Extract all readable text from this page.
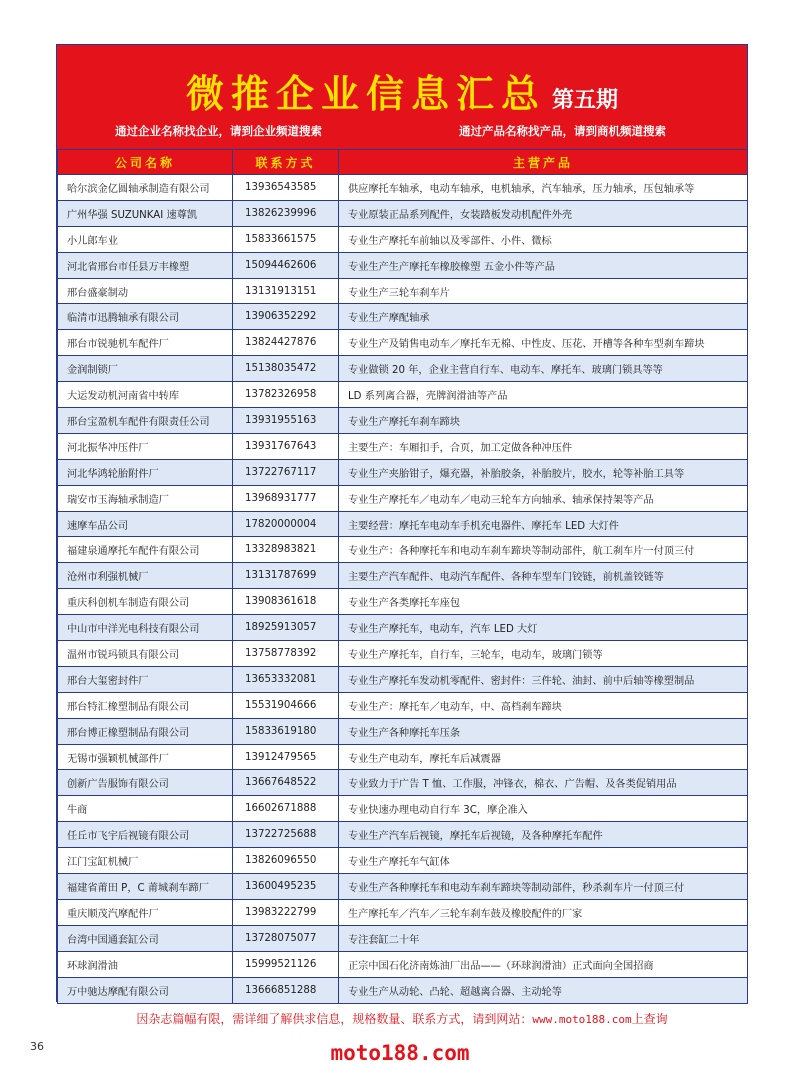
微推企业信息汇总 第五期
通过企业名称找企业，请到企业频道搜索	通过产品名称找产品，请到商机频道搜索
公司名称	联系方式	主营产品
哈尔滨金亿圆轴承制造有限公司	13936543585	供应摩托车轴承，电动车轴承，电机轴承，汽车轴承，压力轴承，压包轴承等
广州华强 SUZUNKAI 速尊凯	13826239996	专业原装正品系列配件，女装踏板发动机配件外壳
小儿郎车业	15833661575	专业生产摩托车前轴以及零部件、小件、微标
河北省邢台市任县万丰橡塑	15094462606	专业生产生产摩托车橡胶橡塑 五金小件等产品
邢台盛豪制动	13131913151	专业生产三轮车刹车片
临清市迅腾轴承有限公司	13906352292	专业生产摩配轴承
邢台市锐驰机车配件厂	13824427876	专业生产及销售电动车／摩托车无棉、中性皮、压花、开槽等各种车型刹车蹄块
金润制锁厂	15138035472	专业做锁 20 年，企业主营自行车、电动车、摩托车、玻璃门锁具等等
大运发动机河南省中转库	13782326958	LD 系列离合器，壳牌润滑油等产品
邢台宝盈机车配件有限责任公司	13931955163	专业生产摩托车刹车蹄块
河北振华冲压件厂	13931767643	主要生产：车厢扣手，合页，加工定做各种冲压件
河北华鸿轮胎附件厂	13722767117	专业生产夹胎钳子，爆充器，补胎胶条，补胎胶片，胶水，轮等补胎工具等
瑞安市玉海轴承制造厂	13968931777	专业生产摩托车／电动车／电动三轮车方向轴承、轴承保持架等产品
速摩车品公司	17820000004	主要经营：摩托车电动车手机充电器件、摩托车 LED 大灯件
福建泉通摩托车配件有限公司	13328983821	专业生产：各种摩托车和电动车刹车蹄块等制动部件，航工刹车片一付顶三付
沧州市利强机械厂	13131787699	主要生产汽车配件、电动汽车配件、各种车型车门铰链，前机盖铰链等
重庆科创机车制造有限公司	13908361618	专业生产各类摩托车座包
中山市中洋光电科技有限公司	18925913057	专业生产摩托车，电动车，汽车 LED 大灯
温州市锐玛锁具有限公司	13758778392	专业生产摩托车，自行车，三轮车，电动车，玻璃门锁等
邢台大玺密封件厂	13653332081	专业生产摩托车发动机零配件、密封件：三件轮、油封、前中后轴等橡塑制品
邢台特汇橡塑制品有限公司	15531904666	专业生产：摩托车／电动车，中、高档刹车蹄块
邢台博正橡塑制品有限公司	15833619180	专业生产各种摩托车压条
无锡市强颖机械部件厂	13912479565	专业生产电动车，摩托车后减震器
创新广告服饰有限公司	13667648522	专业致力于广告 T 恤、工作服，冲锋衣，棉衣、广告帽、及各类促销用品
牛商	16602671888	专业快速办理电动自行车 3C，摩企准入
任丘市飞宇后视镜有限公司	13722725688	专业生产汽车后视镜，摩托车后视镜，及各种摩托车配件
江门宝缸机械厂	13826096550	专业生产摩托车气缸体
福建省莆田 P，C 莆城刹车蹄厂	13600495235	专业生产各种摩托车和电动车刹车蹄块等制动部件，秒杀刹车片一付顶三付
重庆顺茂汽摩配件厂	13983222799	生产摩托车／汽车／三轮车刹车鼓及橡胶配件的厂家
台湾中国通套缸公司	13728075077	专注套缸二十年
环球润滑油	15999521126	正宗中国石化济南炼油厂出品——（环球润滑油）正式面向全国招商
万中驰达摩配有限公司	13666851288	专业生产从动轮、凸轮、超越离合器、主动轮等
因杂志篇幅有限，需详细了解供求信息，规格数量、联系方式，请到网站：www.moto188.com上查询
36	moto188.com
